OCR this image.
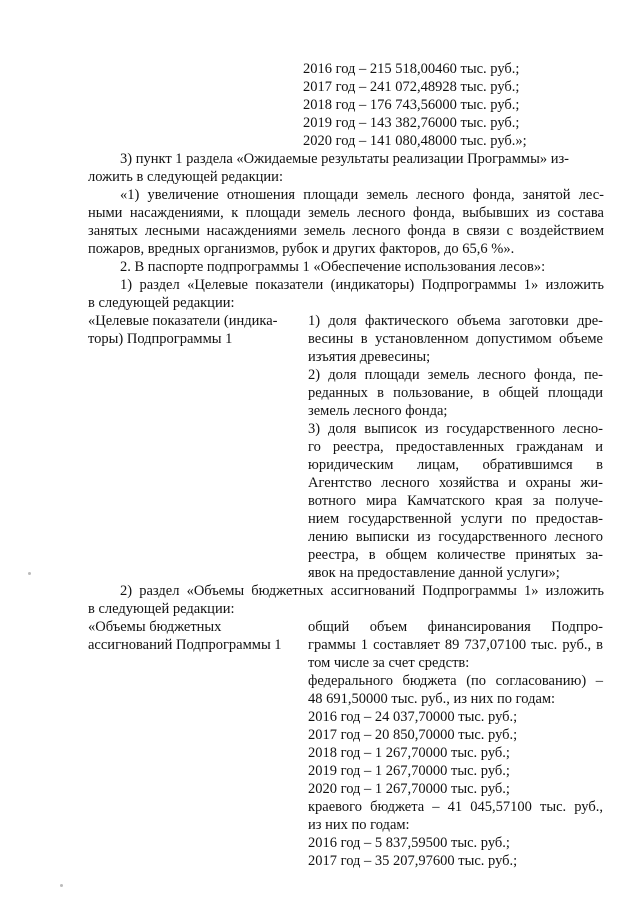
2016 год – 215 518,00460 тыс. руб.;
2017 год – 241 072,48928 тыс. руб.;
2018 год – 176 743,56000 тыс. руб.;
2019 год – 143 382,76000 тыс. руб.;
2020 год – 141 080,48000 тыс. руб.»;
3) пункт 1 раздела «Ожидаемые результаты реализации Программы» из-
ложить в следующей редакции:
«1) увеличение отношения площади земель лесного фонда, занятой лес-
ными насаждениями, к площади земель лесного фонда, выбывших из состава
занятых лесными насаждениями земель лесного фонда в связи с воздействием
пожаров, вредных организмов, рубок и других факторов, до 65,6 %».
2. В паспорте подпрограммы 1 «Обеспечение использования лесов»:
1) раздел «Целевые показатели (индикаторы) Подпрограммы 1» изложить
в следующей редакции:
«Целевые показатели (индика-
торы) Подпрограммы 1
1) доля фактического объема заготовки дре-
весины в установленном допустимом объеме
изъятия древесины;
2) доля площади земель лесного фонда, пе-
реданных в пользование, в общей площади
земель лесного фонда;
3) доля выписок из государственного лесно-
го реестра, предоставленных гражданам и
юридическим лицам, обратившимся в
Агентство лесного хозяйства и охраны жи-
вотного мира Камчатского края за получе-
нием государственной услуги по предостав-
лению выписки из государственного лесного
реестра, в общем количестве принятых за-
явок на предоставление данной услуги»;
2) раздел «Объемы бюджетных ассигнований Подпрограммы 1» изложить
в следующей редакции:
«Объемы бюджетных
ассигнований Подпрограммы 1
общий объем финансирования Подпро-
граммы 1 составляет 89 737,07100 тыс. руб., в
том числе за счет средств:
федерального бюджета (по согласованию) –
48 691,50000 тыс. руб., из них по годам:
2016 год – 24 037,70000 тыс. руб.;
2017 год – 20 850,70000 тыс. руб.;
2018 год – 1 267,70000 тыс. руб.;
2019 год – 1 267,70000 тыс. руб.;
2020 год – 1 267,70000 тыс. руб.;
краевого бюджета – 41 045,57100 тыс. руб.,
из них по годам:
2016 год – 5 837,59500 тыс. руб.;
2017 год – 35 207,97600 тыс. руб.;
